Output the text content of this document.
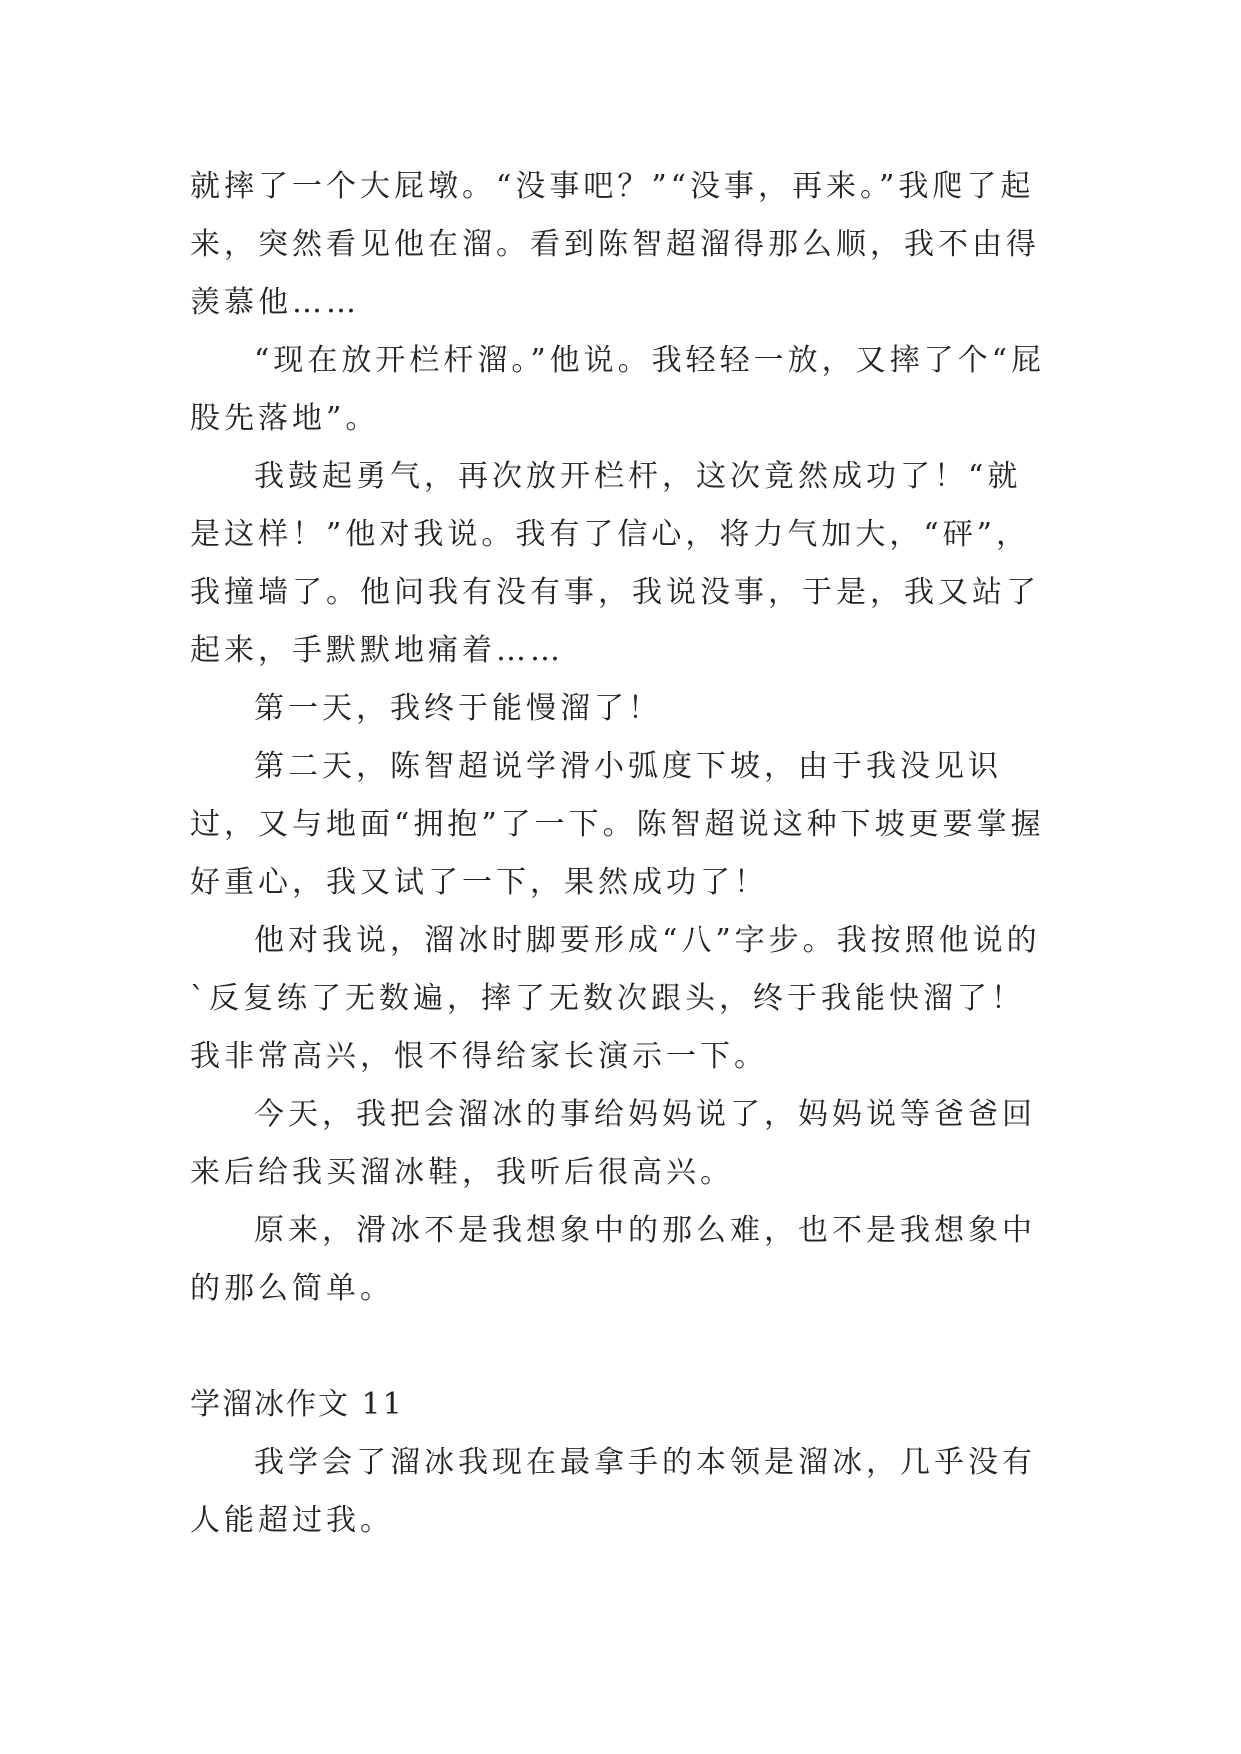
就摔了一个大屁墩。“没事吧？”“没事，再来。”我爬了起来，突然看见他在溜。看到陈智超溜得那么顺，我不由得羡慕他……

“现在放开栏杆溜。”他说。我轻轻一放，又摔了个“屁股先落地”。

我鼓起勇气，再次放开栏杆，这次竟然成功了！“就是这样！”他对我说。我有了信心，将力气加大，“砰”，我撞墙了。他问我有没有事，我说没事，于是，我又站了起来，手默默地痛着……

第一天，我终于能慢溜了！

第二天，陈智超说学滑小弧度下坡，由于我没见识过，又与地面“拥抱”了一下。陈智超说这种下坡更要掌握好重心，我又试了一下，果然成功了！

他对我说，溜冰时脚要形成“八”字步。我按照他说的`反复练了无数遍，摔了无数次跟头，终于我能快溜了！我非常高兴，恨不得给家长演示一下。

今天，我把会溜冰的事给妈妈说了，妈妈说等爸爸回来后给我买溜冰鞋，我听后很高兴。

原来，滑冰不是我想象中的那么难，也不是我想象中的那么简单。

学溜冰作文 11

我学会了溜冰我现在最拿手的本领是溜冰，几乎没有人能超过我。
